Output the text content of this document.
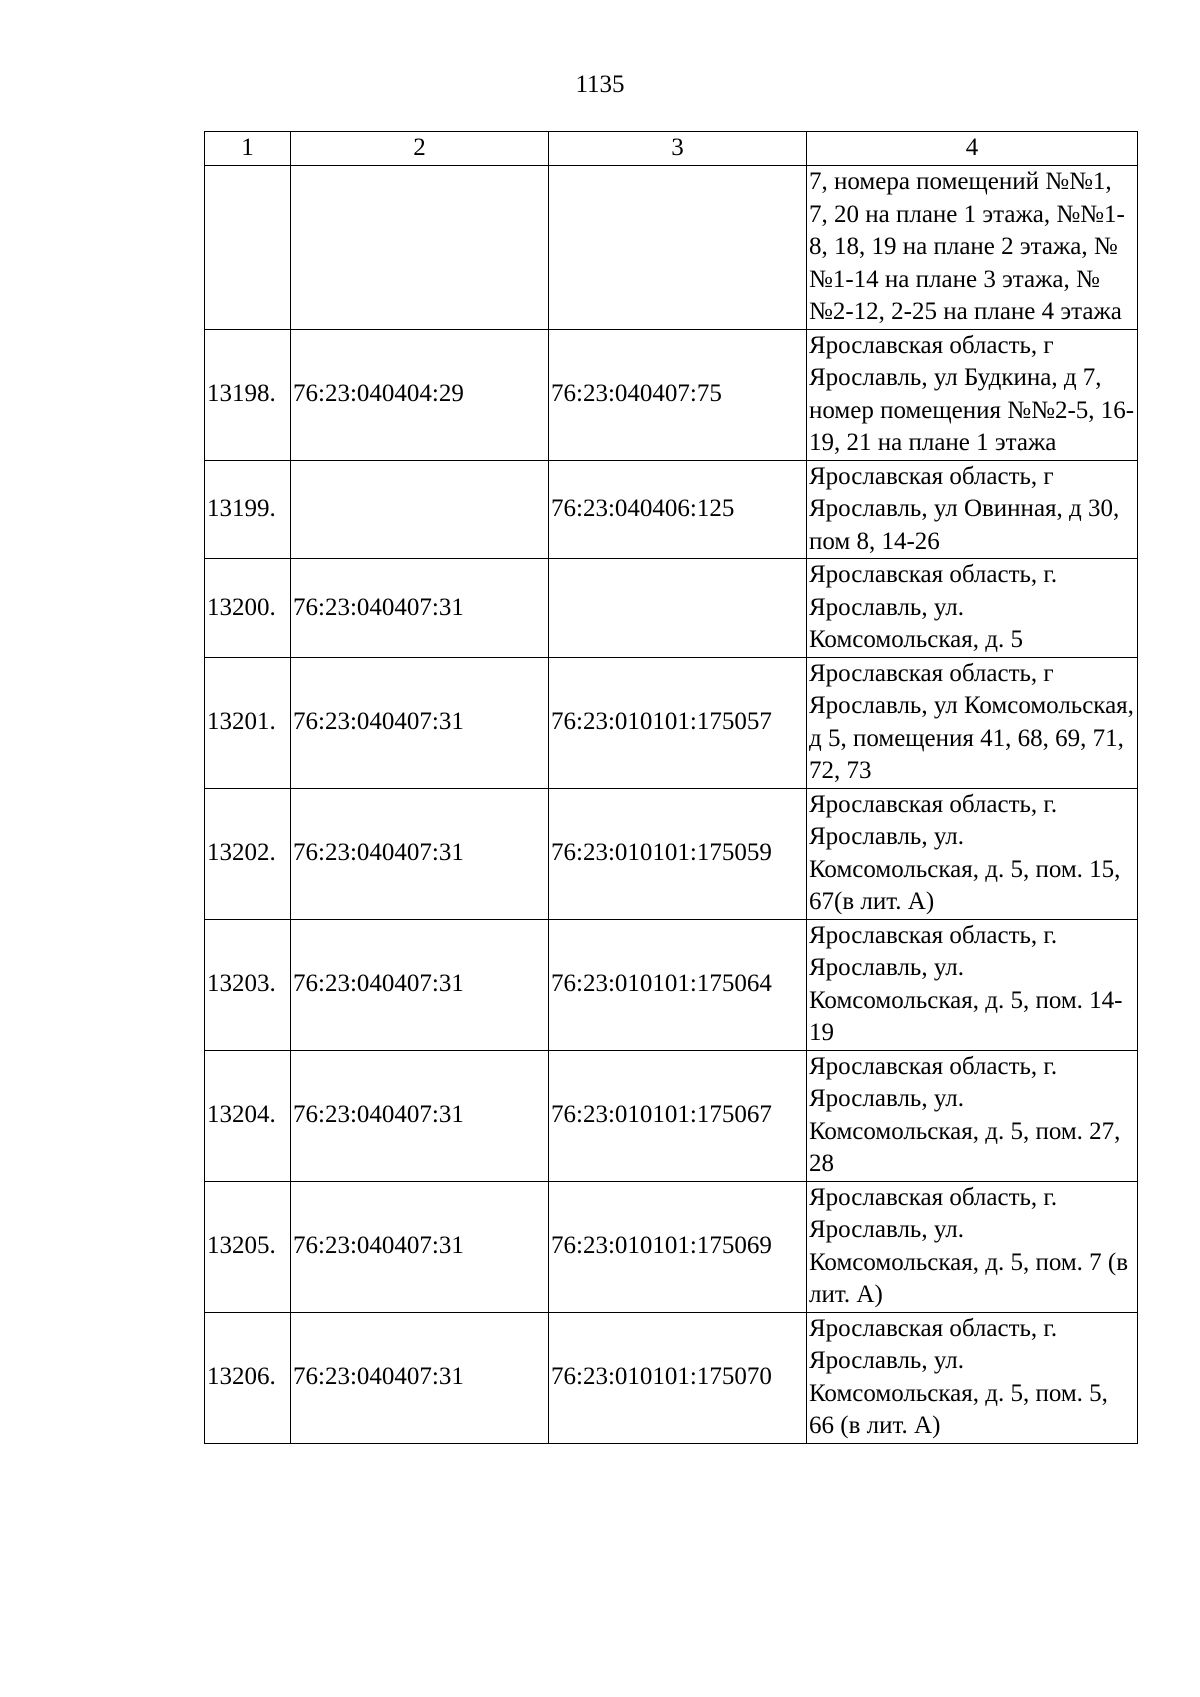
1135
1	2	3	4
			7, номера помещений №№1, 7, 20 на плане 1 этажа, №№1-8, 18, 19 на плане 2 этажа, №№1-14 на плане 3 этажа, №№2-12, 2-25 на плане 4 этажа
13198.	76:23:040404:29	76:23:040407:75	Ярославская область, г Ярославль, ул Будкина, д 7, номер помещения №№2-5, 16-19, 21 на плане 1 этажа
13199.		76:23:040406:125	Ярославская область, г Ярославль, ул Овинная, д 30, пом 8, 14-26
13200.	76:23:040407:31		Ярославская область, г. Ярославль, ул. Комсомольская, д. 5
13201.	76:23:040407:31	76:23:010101:175057	Ярославская область, г Ярославль, ул Комсомольская, д 5, помещения 41, 68, 69, 71, 72, 73
13202.	76:23:040407:31	76:23:010101:175059	Ярославская область, г. Ярославль, ул. Комсомольская, д. 5, пом. 15, 67(в лит. А)
13203.	76:23:040407:31	76:23:010101:175064	Ярославская область, г. Ярославль, ул. Комсомольская, д. 5, пом. 14-19
13204.	76:23:040407:31	76:23:010101:175067	Ярославская область, г. Ярославль, ул. Комсомольская, д. 5, пом. 27, 28
13205.	76:23:040407:31	76:23:010101:175069	Ярославская область, г. Ярославль, ул. Комсомольская, д. 5, пом. 7 (в лит. А)
13206.	76:23:040407:31	76:23:010101:175070	Ярославская область, г. Ярославль, ул. Комсомольская, д. 5, пом. 5, 66 (в лит. А)
